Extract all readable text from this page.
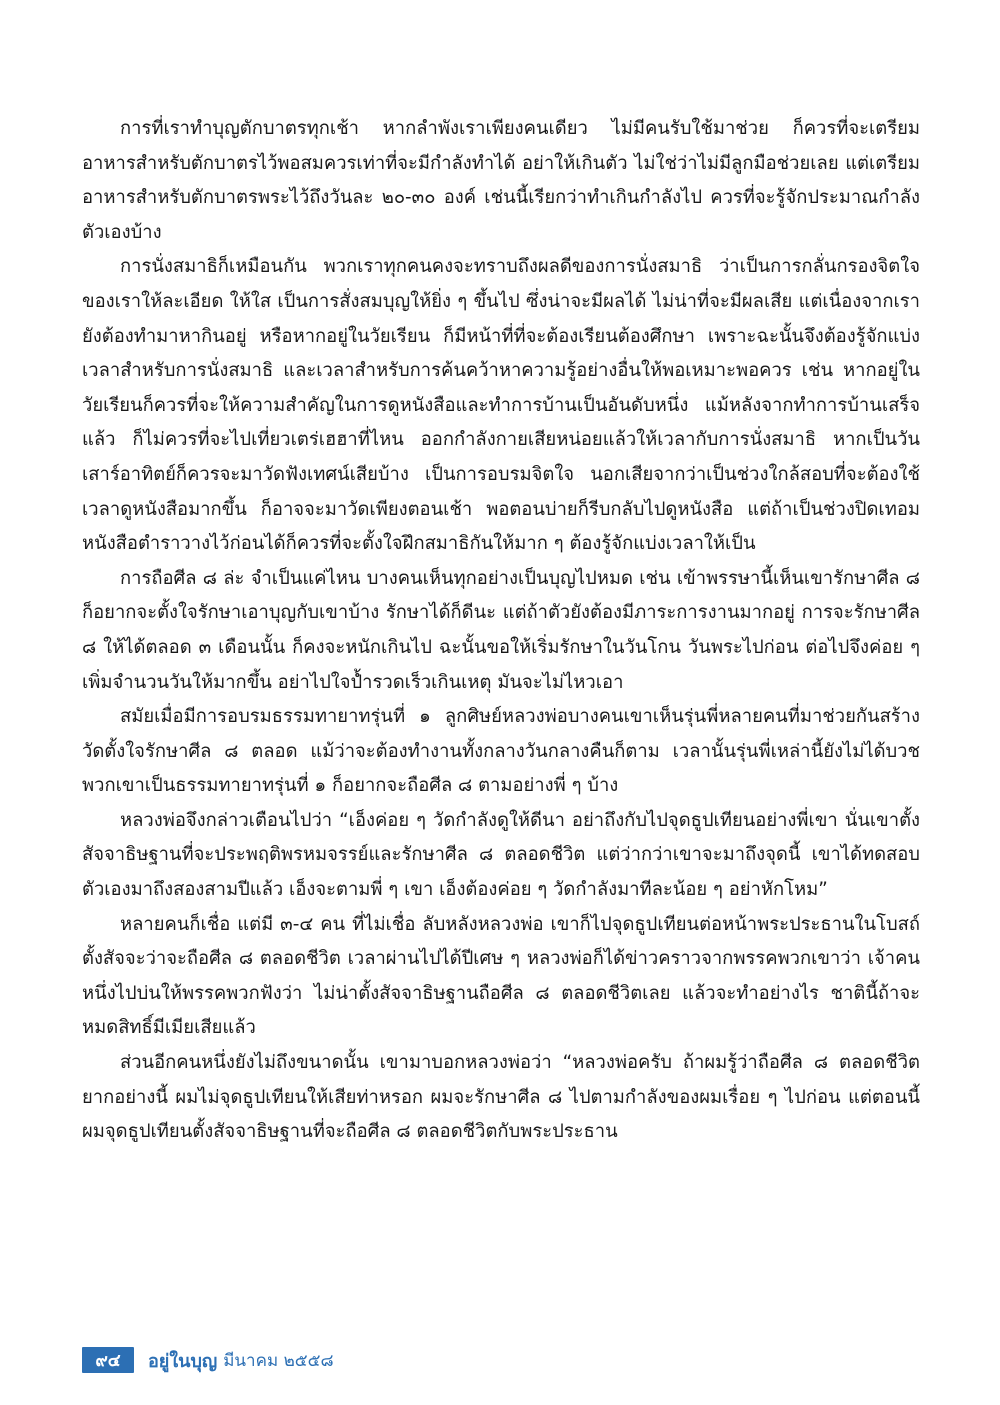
การที่เราทำบุญตักบาตรทุกเช้า หากลำพังเราเพียงคนเดียว ไม่มีคนรับใช้มาช่วย ก็ควรที่จะเตรียมอาหารสำหรับตักบาตรไว้พอสมควรเท่าที่จะมีกำลังทำได้ อย่าให้เกินตัว ไม่ใช่ว่าไม่มีลูกมือช่วยเลย แต่เตรียมอาหารสำหรับตักบาตรพระไว้ถึงวันละ ๒๐-๓๐ องค์ เช่นนี้เรียกว่าทำเกินกำลังไป ควรที่จะรู้จักประมาณกำลังตัวเองบ้าง

การนั่งสมาธิก็เหมือนกัน พวกเราทุกคนคงจะทราบถึงผลดีของการนั่งสมาธิ ว่าเป็นการกลั่นกรองจิตใจของเราให้ละเอียด ให้ใส เป็นการสั่งสมบุญให้ยิ่ง ๆ ขึ้นไป ซึ่งน่าจะมีผลได้ ไม่น่าที่จะมีผลเสีย แต่เนื่องจากเรายังต้องทำมาหากินอยู่ หรือหากอยู่ในวัยเรียน ก็มีหน้าที่ที่จะต้องเรียนต้องศึกษา เพราะฉะนั้นจึงต้องรู้จักแบ่งเวลาสำหรับการนั่งสมาธิ และเวลาสำหรับการค้นคว้าหาความรู้อย่างอื่นให้พอเหมาะพอควร เช่น หากอยู่ในวัยเรียนก็ควรที่จะให้ความสำคัญในการดูหนังสือและทำการบ้านเป็นอันดับหนึ่ง แม้หลังจากทำการบ้านเสร็จแล้ว ก็ไม่ควรที่จะไปเที่ยวเตร่เฮฮาที่ไหน ออกกำลังกายเสียหน่อยแล้วให้เวลากับการนั่งสมาธิ หากเป็นวันเสาร์อาทิตย์ก็ควรจะมาวัดฟังเทศน์เสียบ้าง เป็นการอบรมจิตใจ นอกเสียจากว่าเป็นช่วงใกล้สอบที่จะต้องใช้เวลาดูหนังสือมากขึ้น ก็อาจจะมาวัดเพียงตอนเช้า พอตอนบ่ายก็รีบกลับไปดูหนังสือ แต่ถ้าเป็นช่วงปิดเทอม หนังสือตำราวางไว้ก่อนได้ก็ควรที่จะตั้งใจฝึกสมาธิกันให้มาก ๆ ต้องรู้จักแบ่งเวลาให้เป็น

การถือศีล ๘ ล่ะ จำเป็นแค่ไหน บางคนเห็นทุกอย่างเป็นบุญไปหมด เช่น เข้าพรรษานี้เห็นเขารักษาศีล ๘ ก็อยากจะตั้งใจรักษาเอาบุญกับเขาบ้าง รักษาได้ก็ดีนะ แต่ถ้าตัวยังต้องมีภาระการงานมากอยู่ การจะรักษาศีล ๘ ให้ได้ตลอด ๓ เดือนนั้น ก็คงจะหนักเกินไป ฉะนั้นขอให้เริ่มรักษาในวันโกน วันพระไปก่อน ต่อไปจึงค่อย ๆ เพิ่มจำนวนวันให้มากขึ้น อย่าไปใจป้ำรวดเร็วเกินเหตุ มันจะไม่ไหวเอา

สมัยเมื่อมีการอบรมธรรมทายาทรุ่นที่ ๑ ลูกศิษย์หลวงพ่อบางคนเขาเห็นรุ่นพี่หลายคนที่มาช่วยกันสร้างวัดตั้งใจรักษาศีล ๘ ตลอด แม้ว่าจะต้องทำงานทั้งกลางวันกลางคืนก็ตาม เวลานั้นรุ่นพี่เหล่านี้ยังไม่ได้บวช พวกเขาเป็นธรรมทายาทรุ่นที่ ๑ ก็อยากจะถือศีล ๘ ตามอย่างพี่ ๆ บ้าง

หลวงพ่อจึงกล่าวเตือนไปว่า “เอ็งค่อย ๆ วัดกำลังดูให้ดีนา อย่าถึงกับไปจุดธูปเทียนอย่างพี่เขา นั่นเขาตั้งสัจจาธิษฐานที่จะประพฤติพรหมจรรย์และรักษาศีล ๘ ตลอดชีวิต แต่ว่ากว่าเขาจะมาถึงจุดนี้ เขาได้ทดสอบตัวเองมาถึงสองสามปีแล้ว เอ็งจะตามพี่ ๆ เขา เอ็งต้องค่อย ๆ วัดกำลังมาทีละน้อย ๆ อย่าหักโหม”

หลายคนก็เชื่อ แต่มี ๓-๔ คน ที่ไม่เชื่อ ลับหลังหลวงพ่อ เขาก็ไปจุดธูปเทียนต่อหน้าพระประธานในโบสถ์ ตั้งสัจจะว่าจะถือศีล ๘ ตลอดชีวิต เวลาผ่านไปได้ปีเศษ ๆ หลวงพ่อก็ได้ข่าวคราวจากพรรคพวกเขาว่า เจ้าคนหนึ่งไปบ่นให้พรรคพวกฟังว่า ไม่น่าตั้งสัจจาธิษฐานถือศีล ๘ ตลอดชีวิตเลย แล้วจะทำอย่างไร ชาตินี้ถ้าจะหมดสิทธิ์มีเมียเสียแล้ว

ส่วนอีกคนหนึ่งยังไม่ถึงขนาดนั้น เขามาบอกหลวงพ่อว่า “หลวงพ่อครับ ถ้าผมรู้ว่าถือศีล ๘ ตลอดชีวิตยากอย่างนี้ ผมไม่จุดธูปเทียนให้เสียท่าหรอก ผมจะรักษาศีล ๘ ไปตามกำลังของผมเรื่อย ๆ ไปก่อน แต่ตอนนี้ผมจุดธูปเทียนตั้งสัจจาธิษฐานที่จะถือศีล ๘ ตลอดชีวิตกับพระประธาน

๙๔	อยู่ในบุญ มีนาคม ๒๕๕๘
